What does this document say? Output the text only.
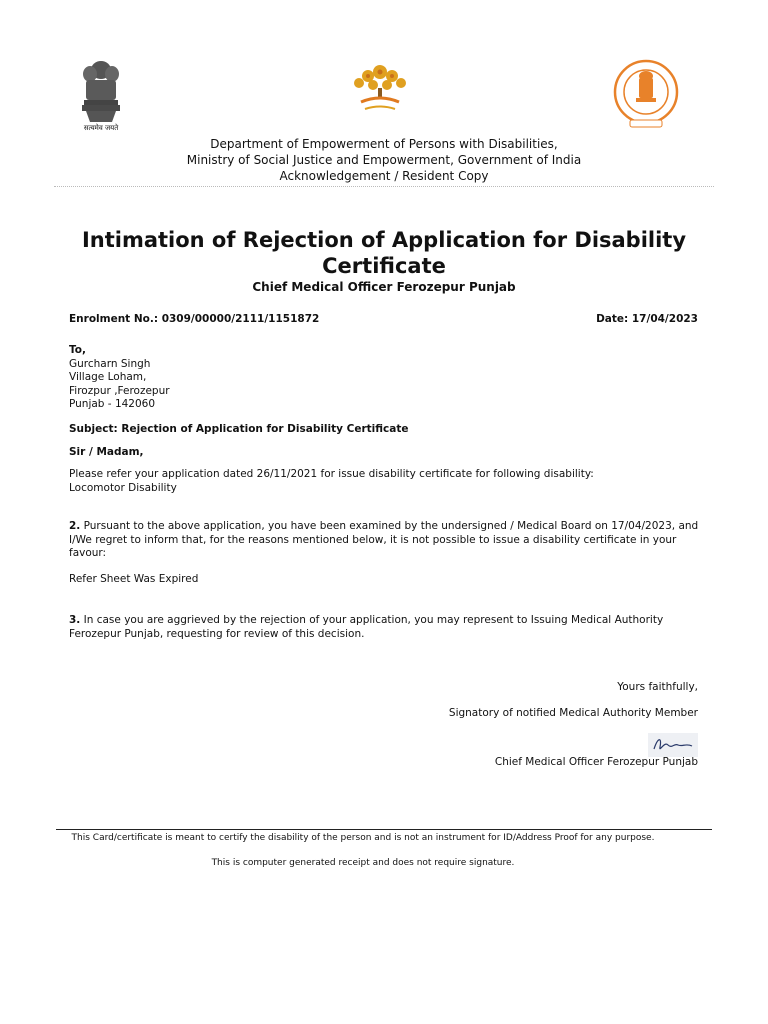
सत्यमेव जयते
Department of Empowerment of Persons with Disabilities,
Ministry of Social Justice and Empowerment, Government of India
Acknowledgement / Resident Copy
Intimation of Rejection of Application for Disability Certificate
Chief Medical Officer Ferozepur Punjab
Enrolment No.: 0309/00000/2111/1151872	Date: 17/04/2023
To,
Gurcharn Singh
Village Loham,
Firozpur ,Ferozepur
Punjab - 142060
Subject: Rejection of Application for Disability Certificate
Sir / Madam,
Please refer your application dated 26/11/2021 for issue disability certificate for following disability:
Locomotor Disability
2. Pursuant to the above application, you have been examined by the undersigned / Medical Board on 17/04/2023, and I/We regret to inform that, for the reasons mentioned below, it is not possible to issue a disability certificate in your favour:
Refer Sheet Was Expired
3. In case you are aggrieved by the rejection of your application, you may represent to Issuing Medical Authority Ferozepur Punjab, requesting for review of this decision.
Yours faithfully,
Signatory of notified Medical Authority Member
Chief Medical Officer Ferozepur Punjab
This Card/certificate is meant to certify the disability of the person and is not an instrument for ID/Address Proof for any purpose.
This is computer generated receipt and does not require signature.
